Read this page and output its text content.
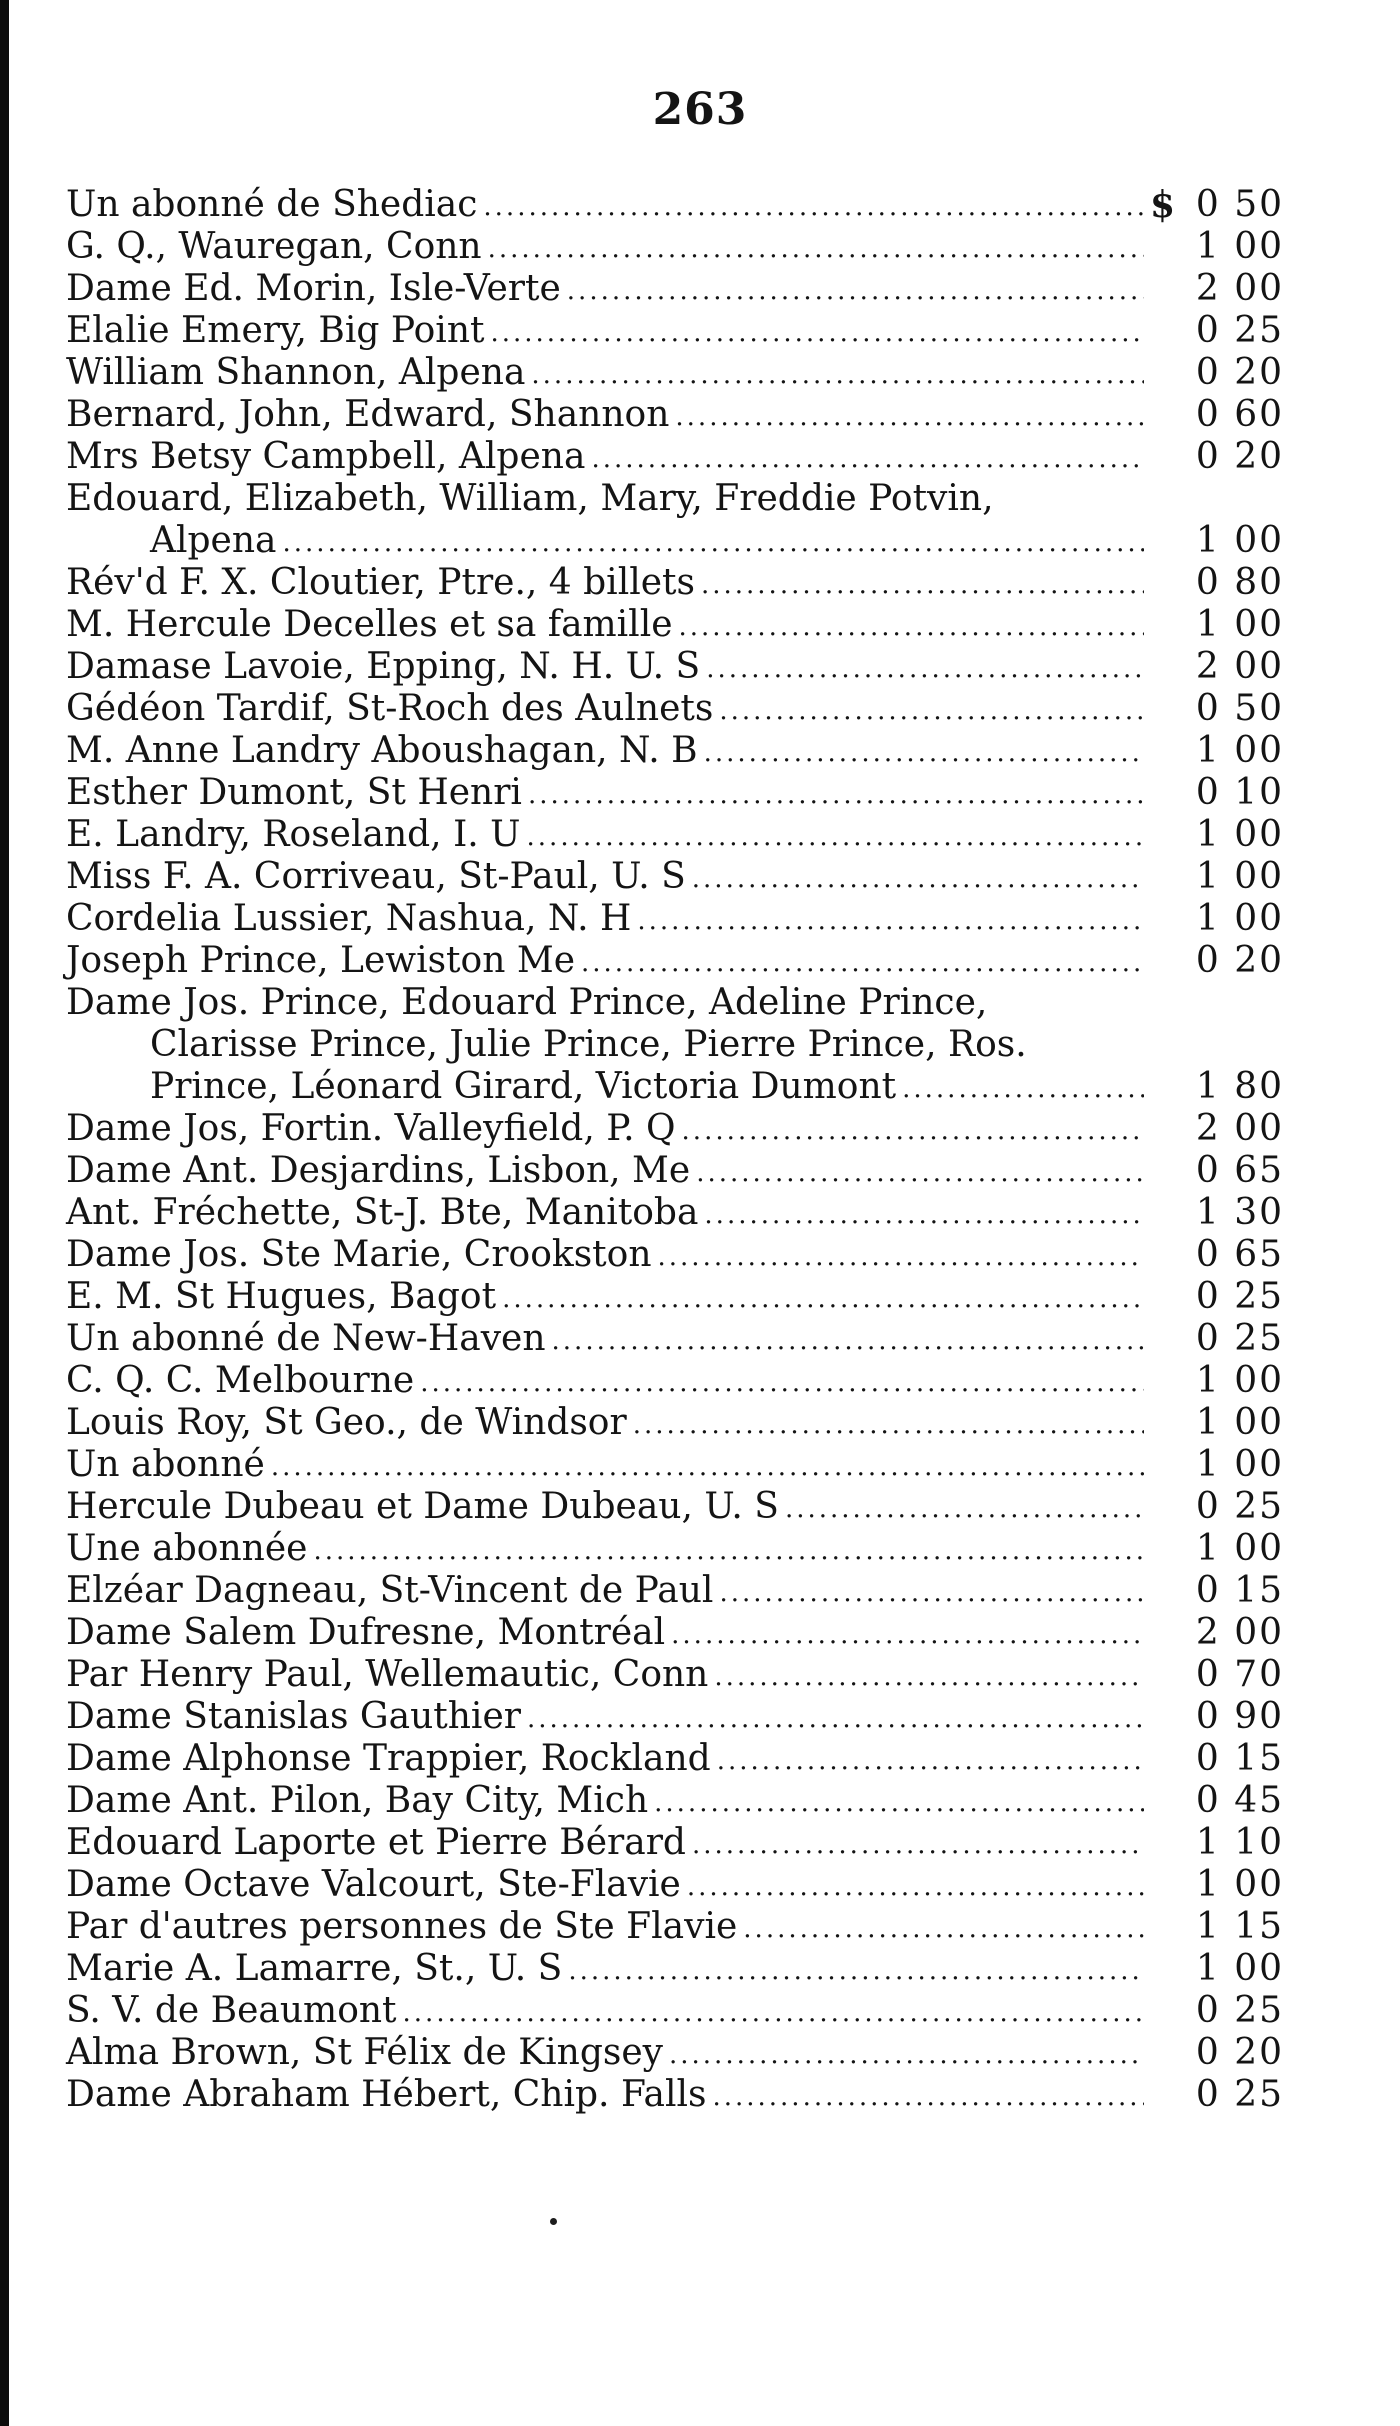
263
Un abonné de Shediac .....	$ 0 50
G. Q., Wauregan, Conn .....	1 00
Dame Ed. Morin, Isle-Verte .....	2 00
Elalie Emery, Big Point .....	0 25
William Shannon, Alpena .....	0 20
Bernard, John, Edward, Shannon .....	0 60
Mrs Betsy Campbell, Alpena .....	0 20
Edouard, Elizabeth, William, Mary, Freddie Potvin,
Alpena .....	1 00
Rév'd F. X. Cloutier, Ptre., 4 billets .....	0 80
M. Hercule Decelles et sa famille .....	1 00
Damase Lavoie, Epping, N. H. U. S .....	2 00
Gédéon Tardif, St-Roch des Aulnets .....	0 50
M. Anne Landry Aboushagan, N. B .....	1 00
Esther Dumont, St Henri .....	0 10
E. Landry, Roseland, I. U .....	1 00
Miss F. A. Corriveau, St-Paul, U. S .....	1 00
Cordelia Lussier, Nashua, N. H .....	1 00
Joseph Prince, Lewiston Me .....	0 20
Dame Jos. Prince, Edouard Prince, Adeline Prince,
Clarisse Prince, Julie Prince, Pierre Prince, Ros.
Prince, Léonard Girard, Victoria Dumont .....	1 80
Dame Jos, Fortin. Valleyfield, P. Q .....	2 00
Dame Ant. Desjardins, Lisbon, Me .....	0 65
Ant. Fréchette, St-J. Bte, Manitoba .....	1 30
Dame Jos. Ste Marie, Crookston .....	0 65
E. M. St Hugues, Bagot .....	0 25
Un abonné de New-Haven .....	0 25
C. Q. C. Melbourne .....	1 00
Louis Roy, St Geo., de Windsor .....	1 00
Un abonné .....	1 00
Hercule Dubeau et Dame Dubeau, U. S .....	0 25
Une abonnée .....	1 00
Elzéar Dagneau, St-Vincent de Paul .....	0 15
Dame Salem Dufresne, Montréal .....	2 00
Par Henry Paul, Wellemautic, Conn .....	0 70
Dame Stanislas Gauthier .....	0 90
Dame Alphonse Trappier, Rockland .....	0 15
Dame Ant. Pilon, Bay City, Mich .....	0 45
Edouard Laporte et Pierre Bérard .....	1 10
Dame Octave Valcourt, Ste-Flavie .....	1 00
Par d'autres personnes de Ste Flavie .....	1 15
Marie A. Lamarre, St., U. S .....	1 00
S. V. de Beaumont .....	0 25
Alma Brown, St Félix de Kingsey .....	0 20
Dame Abraham Hébert, Chip. Falls .....	0 25
